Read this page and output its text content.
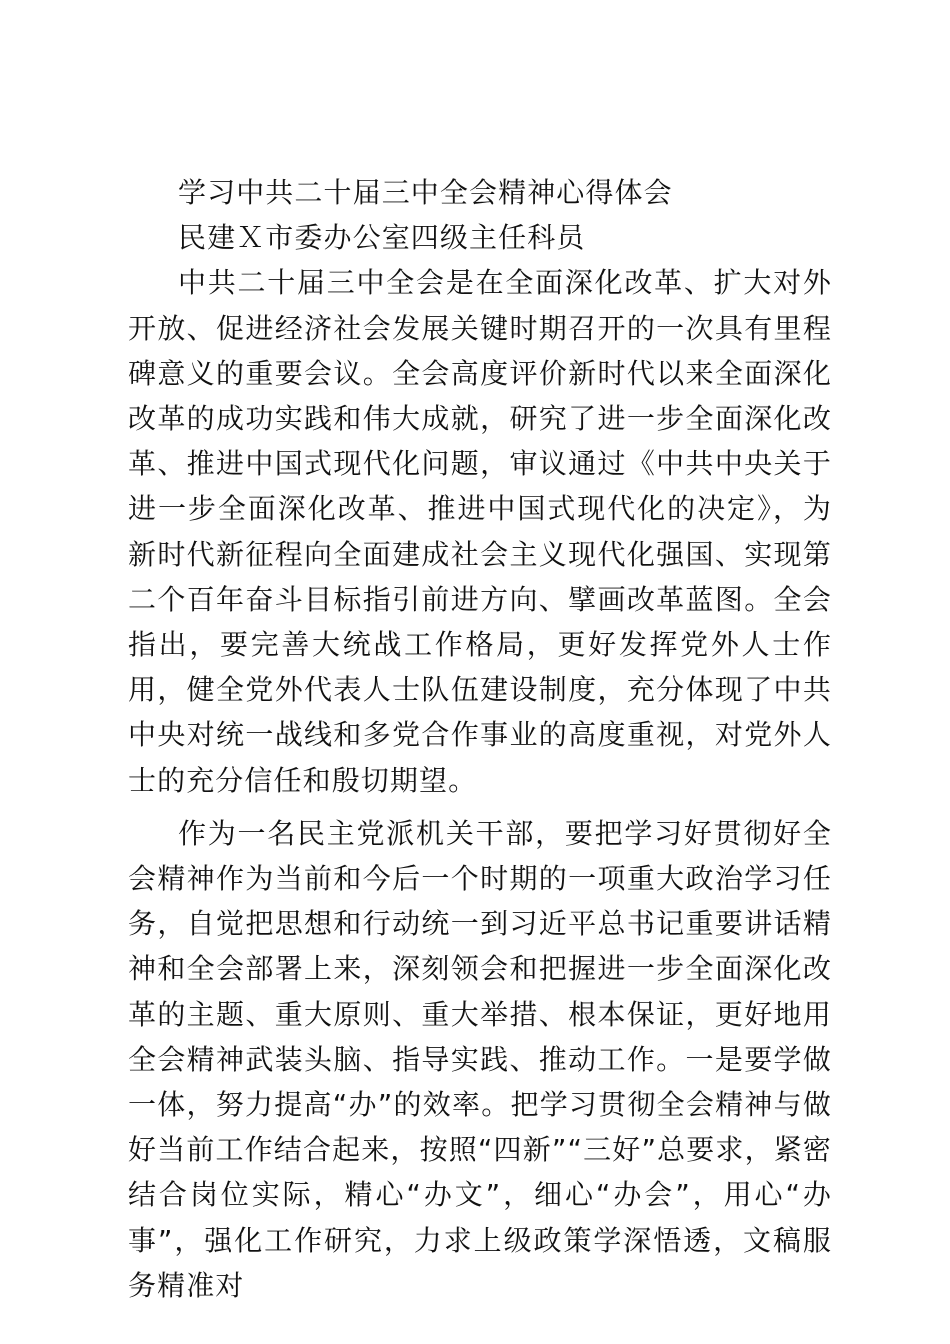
学习中共二十届三中全会精神心得体会

民建Ｘ市委办公室四级主任科员

中共二十届三中全会是在全面深化改革、扩大对外开放、促进经济社会发展关键时期召开的一次具有里程碑意义的重要会议。全会高度评价新时代以来全面深化改革的成功实践和伟大成就，研究了进一步全面深化改革、推进中国式现代化问题，审议通过《中共中央关于进一步全面深化改革、推进中国式现代化的决定》，为新时代新征程向全面建成社会主义现代化强国、实现第二个百年奋斗目标指引前进方向、擘画改革蓝图。全会指出，要完善大统战工作格局，更好发挥党外人士作用，健全党外代表人士队伍建设制度，充分体现了中共中央对统一战线和多党合作事业的高度重视，对党外人士的充分信任和殷切期望。

作为一名民主党派机关干部，要把学习好贯彻好全会精神作为当前和今后一个时期的一项重大政治学习任务，自觉把思想和行动统一到习近平总书记重要讲话精神和全会部署上来，深刻领会和把握进一步全面深化改革的主题、重大原则、重大举措、根本保证，更好地用全会精神武装头脑、指导实践、推动工作。一是要学做一体，努力提高“办”的效率。把学习贯彻全会精神与做好当前工作结合起来，按照“四新”“三好”总要求，紧密结合岗位实际，精心“办文”，细心“办会”，用心“办事”，强化工作研究，力求上级政策学深悟透，文稿服务精准对
